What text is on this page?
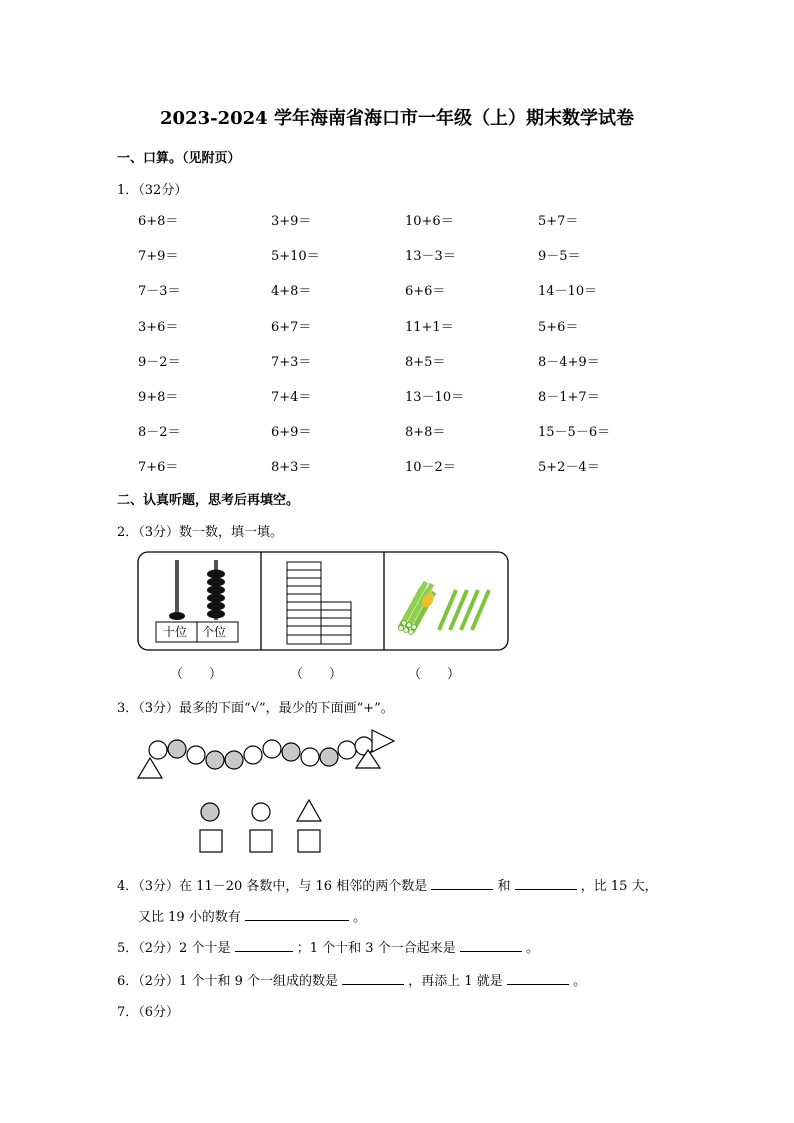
2023-2024 学年海南省海口市一年级（上）期末数学试卷
一、口算。（见附页）
1．（32分）
6+8＝	3+9＝	10+6＝	5+7＝
7+9＝	5+10＝	13－3＝	9－5＝
7－3＝	4+8＝	6+6＝	14－10＝
3+6＝	6+7＝	11+1＝	5+6＝
9－2＝	7+3＝	8+5＝	8－4+9＝
9+8＝	7+4＝	13－10＝	8－1+7＝
8－2＝	6+9＝	8+8＝	15－5－6＝
7+6＝	8+3＝	10－2＝	5+2－4＝
二、认真听题，思考后再填空。
2．（3分）数一数，填一填。
十位 个位
（　　）	（　　）	（　　）
3．（3分）最多的下面“√”，最少的下面画“+”。
4．（3分）在 11－20 各数中，与 16 相邻的两个数是	和	，比 15 大，
又比 19 小的数有	。
5．（2分）2 个十是	；1 个十和 3 个一合起来是	。
6．（2分）1 个十和 9 个一组成的数是	，再添上 1 就是	。
7．（6分）
